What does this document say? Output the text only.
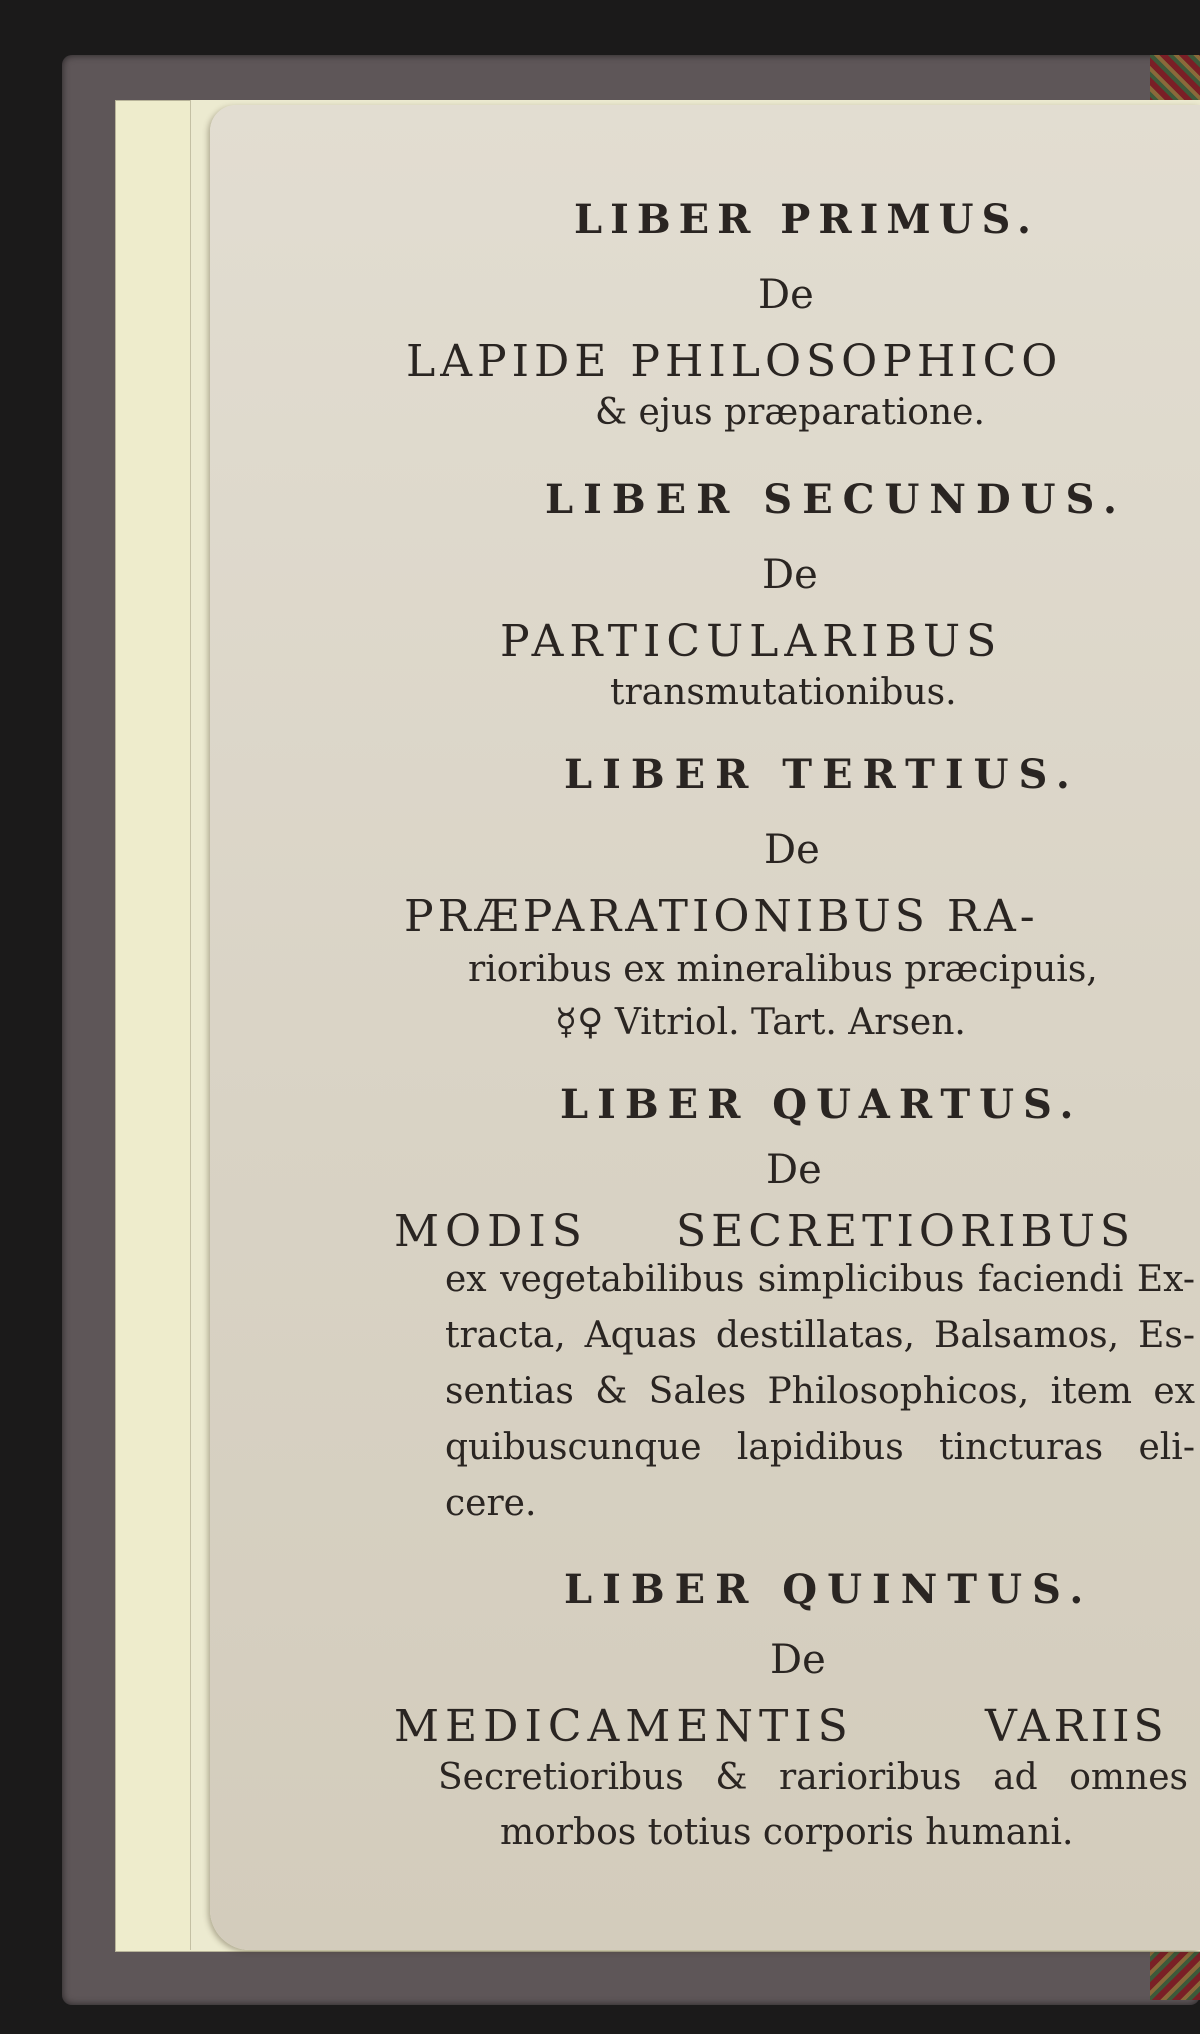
LIBER PRIMUS.
De
LAPIDE PHILOSOPHICO
& ejus præparatione.
LIBER SECUNDUS.
De
PARTICULARIBUS
transmutationibus.
LIBER TERTIUS.
De
PRÆPARATIONIBUS RA-
rioribus ex mineralibus præcipuis,
☿♀ Vitriol. Tart. Arsen.
LIBER QUARTUS.
De
MODIS SECRETIORIBUS
ex vegetabilibus simplicibus faciendi Ex-
tracta, Aquas destillatas, Balsamos, Es-
sentias & Sales Philosophicos, item ex
quibuscunque lapidibus tincturas eli-
cere.
LIBER QUINTUS.
De
MEDICAMENTIS	VARIIS
Secretioribus & rarioribus ad omnes
morbos totius corporis humani.
